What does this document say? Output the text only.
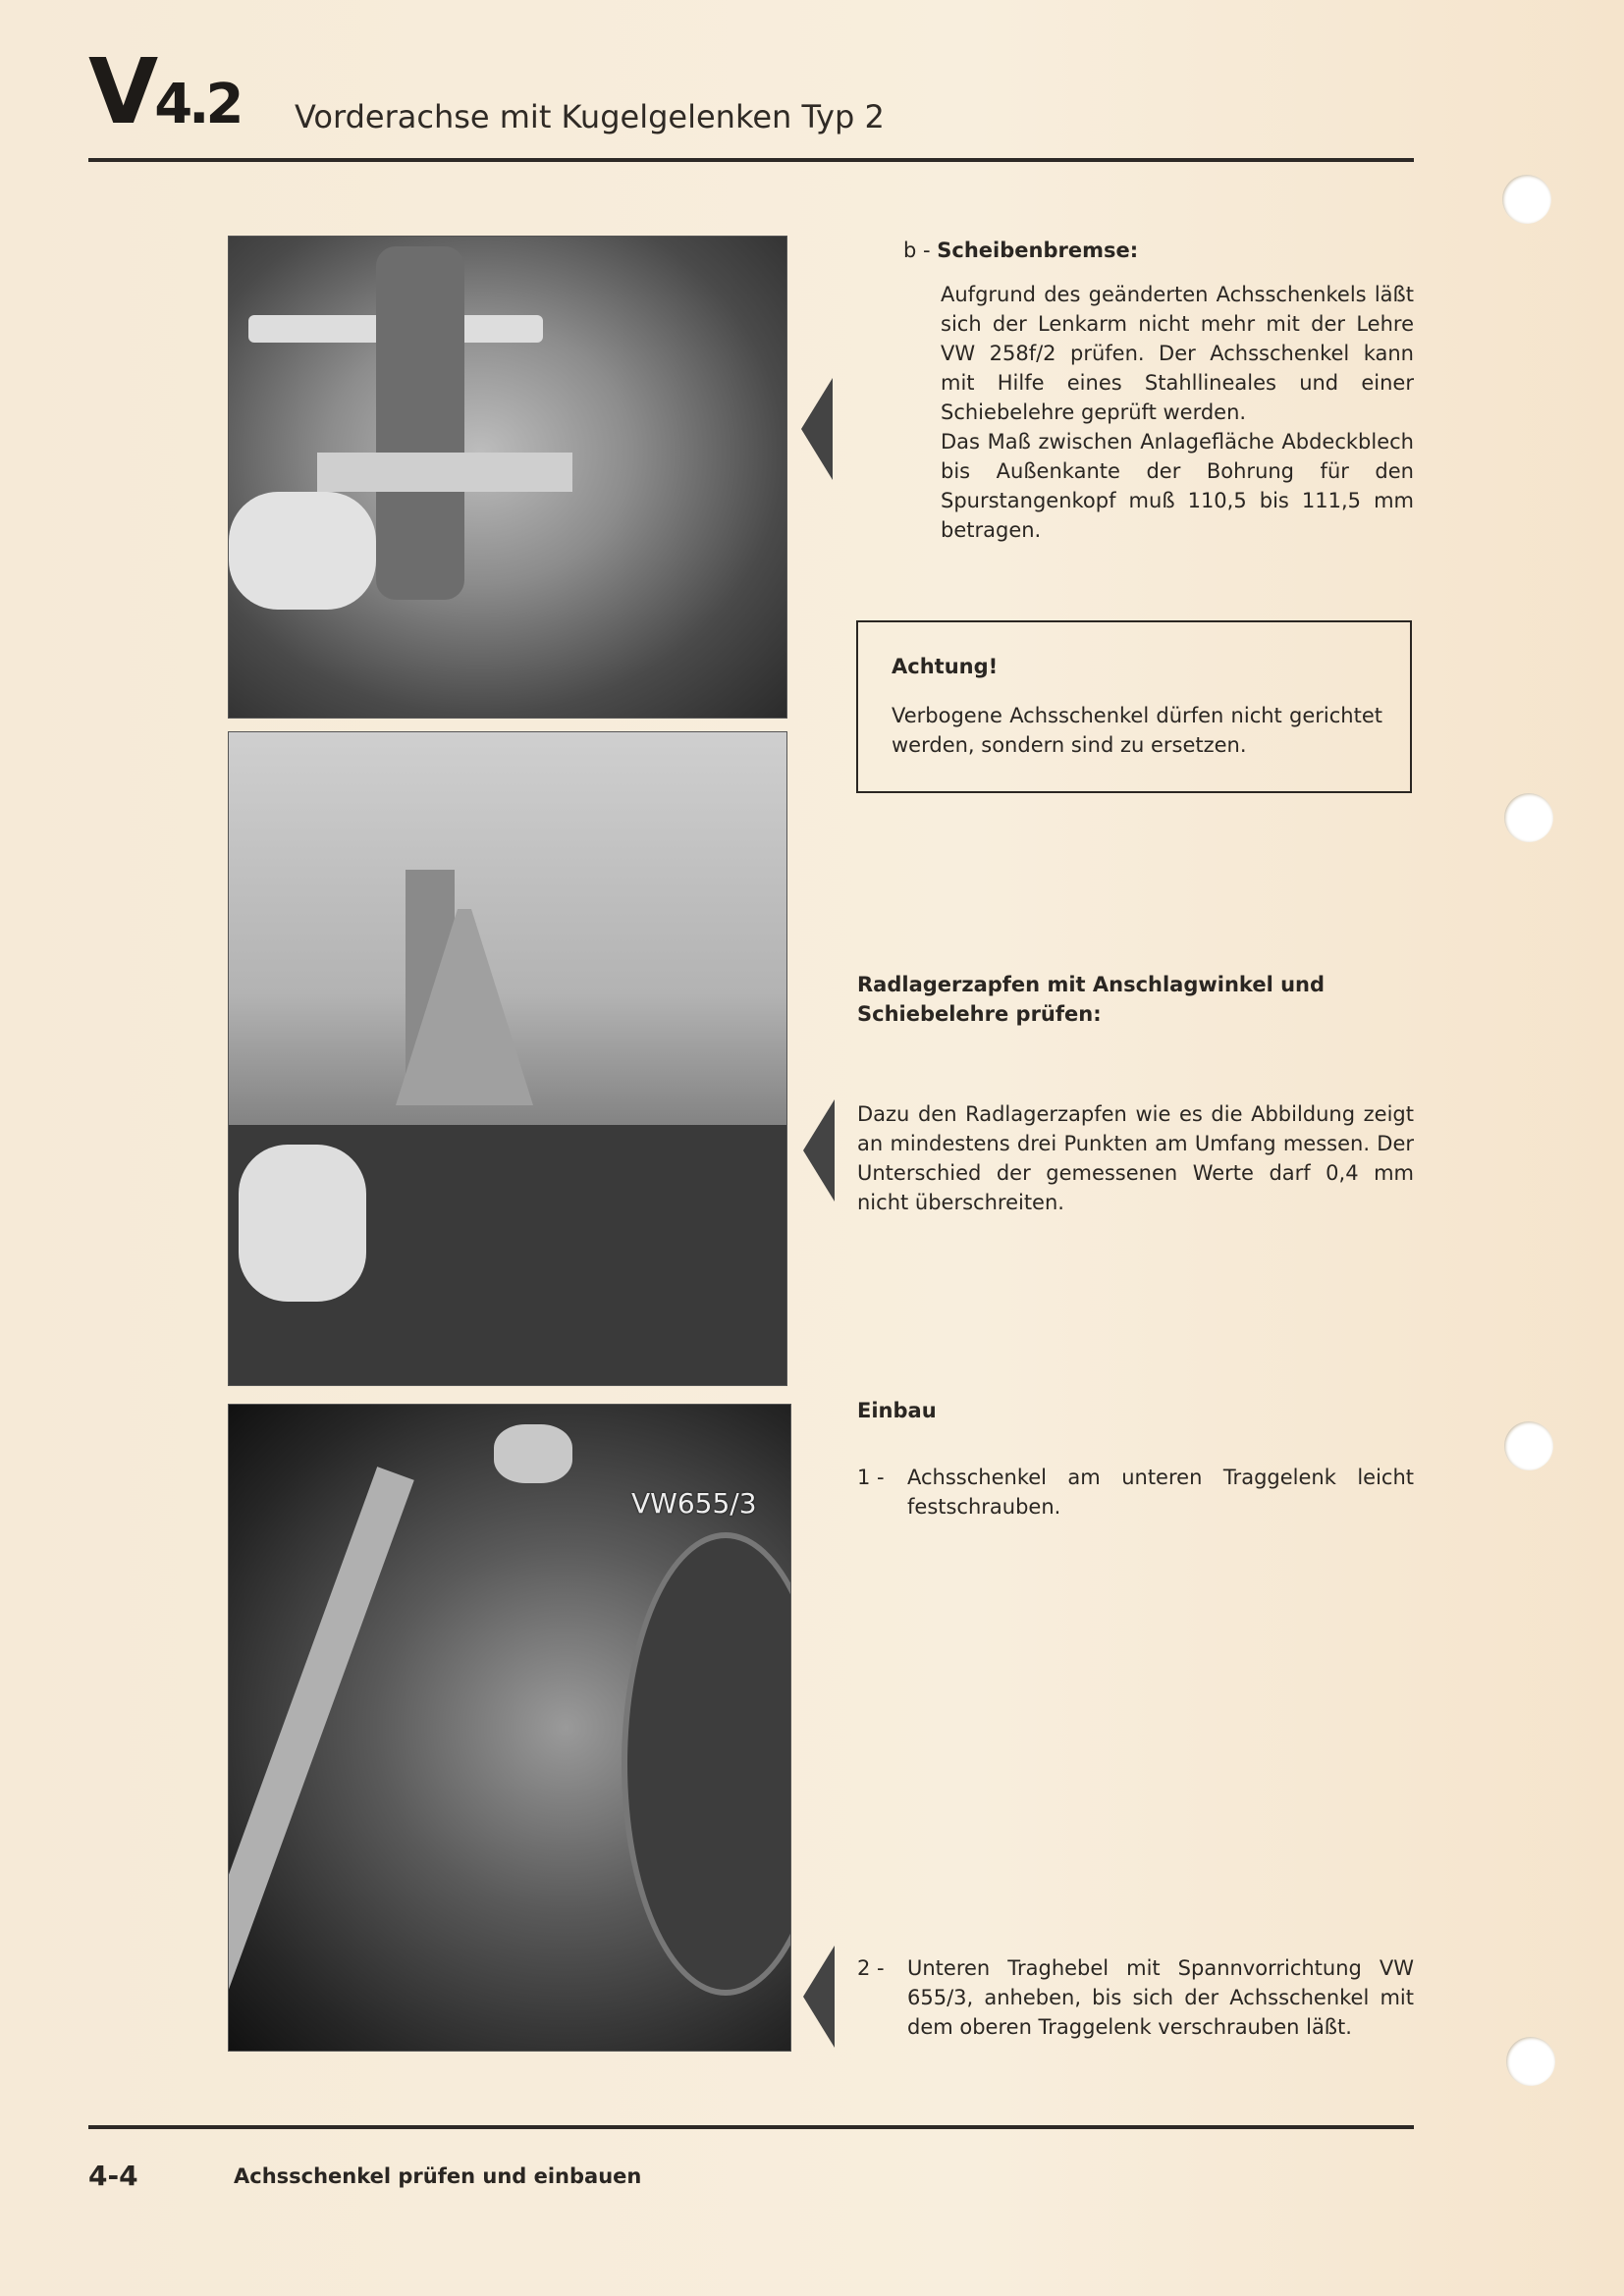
V4.2 Vorderachse mit Kugelgelenken Typ 2
VW655/3
b - Scheibenbremse:
Aufgrund des geänderten Achsschenkels läßt sich der Lenkarm nicht mehr mit der Lehre VW 258f/2 prüfen. Der Achsschenkel kann mit Hilfe eines Stahllineales und einer Schiebelehre geprüft werden.
Das Maß zwischen Anlagefläche Abdeckblech bis Außenkante der Bohrung für den Spurstangenkopf muß 110,5 bis 111,5 mm betragen.
Achtung!
Verbogene Achsschenkel dürfen nicht gerichtet werden, sondern sind zu ersetzen.
Radlagerzapfen mit Anschlagwinkel und Schiebelehre prüfen:
Dazu den Radlagerzapfen wie es die Abbildung zeigt an mindestens drei Punkten am Umfang messen. Der Unterschied der gemessenen Werte darf 0,4 mm nicht überschreiten.
Einbau
1 - Achsschenkel am unteren Traggelenk leicht festschrauben.
2 - Unteren Traghebel mit Spannvorrichtung VW 655/3, anheben, bis sich der Achsschenkel mit dem oberen Traggelenk verschrauben läßt.
4-4	Achsschenkel prüfen und einbauen
